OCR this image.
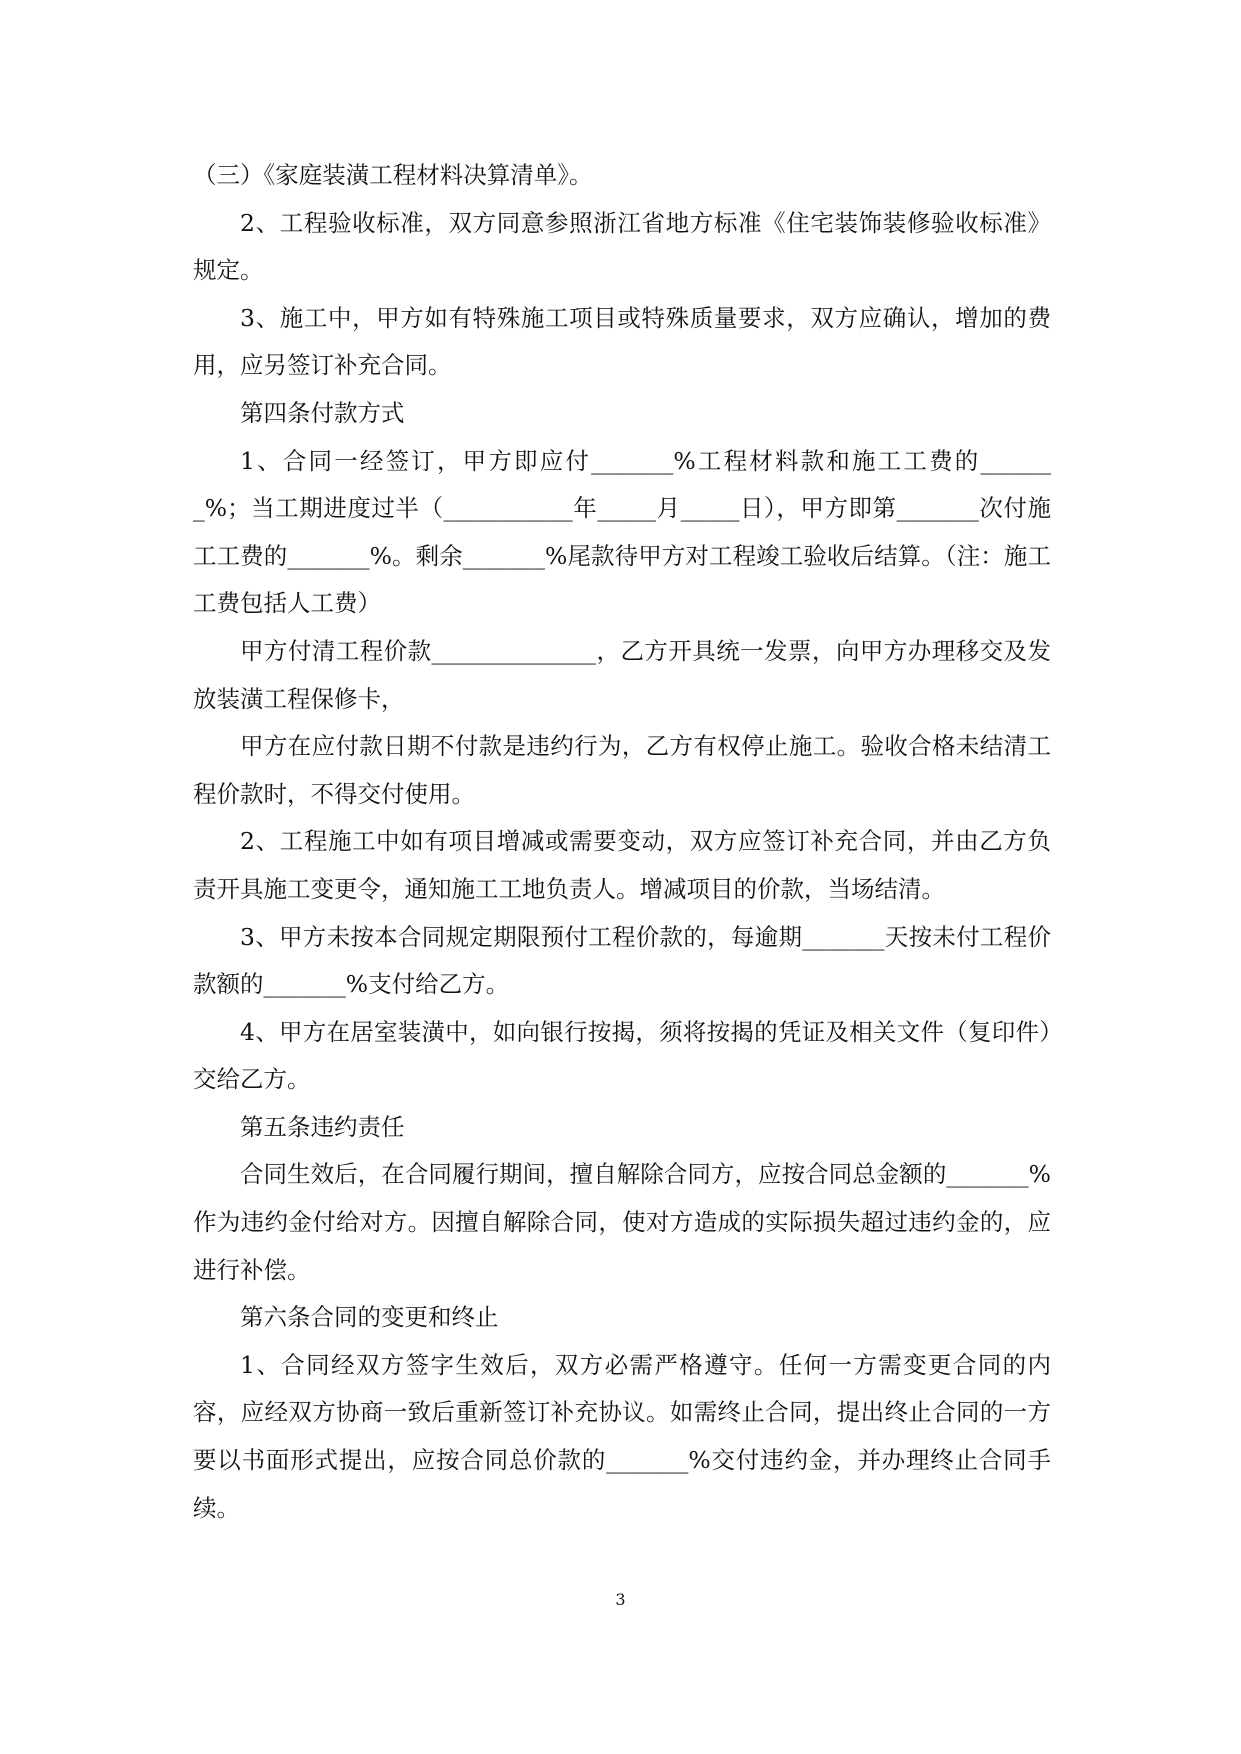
（三）《家庭装潢工程材料决算清单》。

2、工程验收标准，双方同意参照浙江省地方标准《住宅装饰装修验收标准》规定。

3、施工中，甲方如有特殊施工项目或特殊质量要求，双方应确认，增加的费用，应另签订补充合同。

第四条付款方式

1、合同一经签订，甲方即应付_______%工程材料款和施工工费的_______%；当工期进度过半（___________年_____月_____日），甲方即第_______次付施工工费的_______%。剩余_______%尾款待甲方对工程竣工验收后结算。（注：施工工费包括人工费）

甲方付清工程价款______________，乙方开具统一发票，向甲方办理移交及发放装潢工程保修卡，

甲方在应付款日期不付款是违约行为，乙方有权停止施工。验收合格未结清工程价款时，不得交付使用。

2、工程施工中如有项目增减或需要变动，双方应签订补充合同，并由乙方负责开具施工变更令，通知施工工地负责人。增减项目的价款，当场结清。

3、甲方未按本合同规定期限预付工程价款的，每逾期_______天按未付工程价款额的_______%支付给乙方。

4、甲方在居室装潢中，如向银行按揭，须将按揭的凭证及相关文件（复印件）交给乙方。

第五条违约责任

合同生效后，在合同履行期间，擅自解除合同方，应按合同总金额的_______%作为违约金付给对方。因擅自解除合同，使对方造成的实际损失超过违约金的，应进行补偿。

第六条合同的变更和终止

1、合同经双方签字生效后，双方必需严格遵守。任何一方需变更合同的内容，应经双方协商一致后重新签订补充协议。如需终止合同，提出终止合同的一方要以书面形式提出，应按合同总价款的_______%交付违约金，并办理终止合同手续。

3
